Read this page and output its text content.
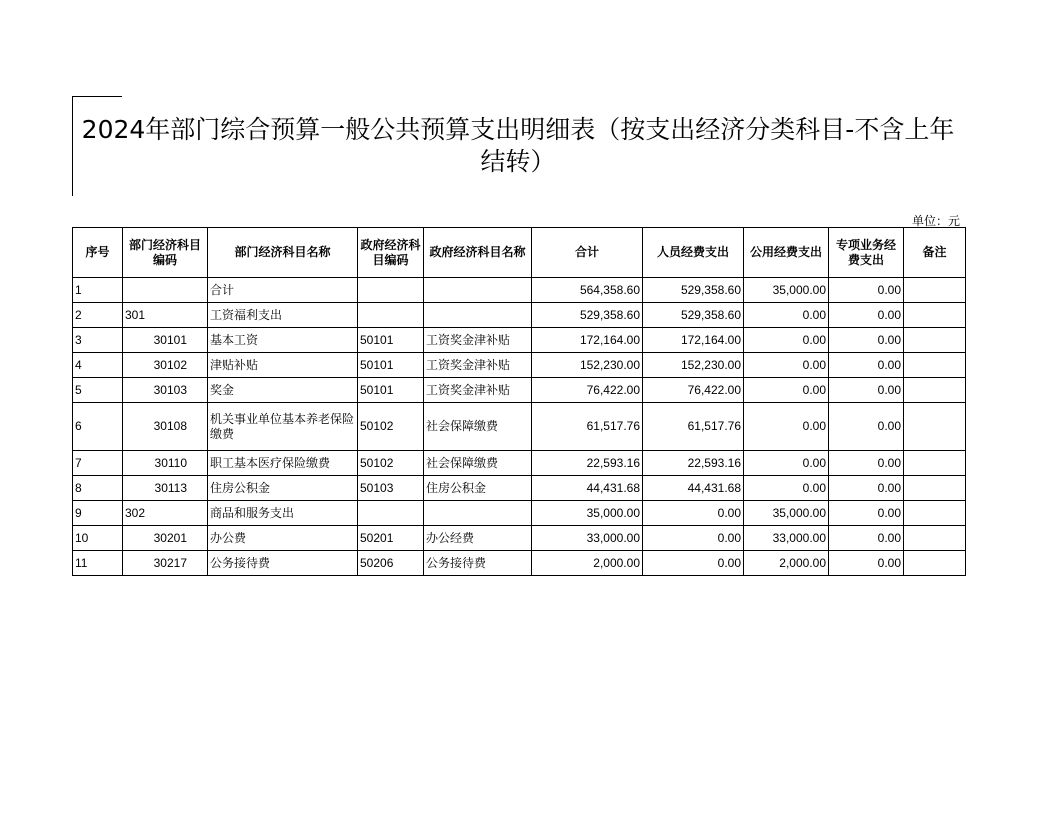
2024年部门综合预算一般公共预算支出明细表（按支出经济分类科目-不含上年结转）
单位：元
序号	部门经济科目编码	部门经济科目名称	政府经济科目编码	政府经济科目名称	合计	人员经费支出	公用经费支出	专项业务经费支出	备注
1		合计			564,358.60	529,358.60	35,000.00	0.00	
2	301	工资福利支出			529,358.60	529,358.60	0.00	0.00	
3	30101	基本工资	50101	工资奖金津补贴	172,164.00	172,164.00	0.00	0.00	
4	30102	津贴补贴	50101	工资奖金津补贴	152,230.00	152,230.00	0.00	0.00	
5	30103	奖金	50101	工资奖金津补贴	76,422.00	76,422.00	0.00	0.00	
6	30108	机关事业单位基本养老保险缴费	50102	社会保障缴费	61,517.76	61,517.76	0.00	0.00	
7	30110	职工基本医疗保险缴费	50102	社会保障缴费	22,593.16	22,593.16	0.00	0.00	
8	30113	住房公积金	50103	住房公积金	44,431.68	44,431.68	0.00	0.00	
9	302	商品和服务支出			35,000.00	0.00	35,000.00	0.00	
10	30201	办公费	50201	办公经费	33,000.00	0.00	33,000.00	0.00	
11	30217	公务接待费	50206	公务接待费	2,000.00	0.00	2,000.00	0.00	
